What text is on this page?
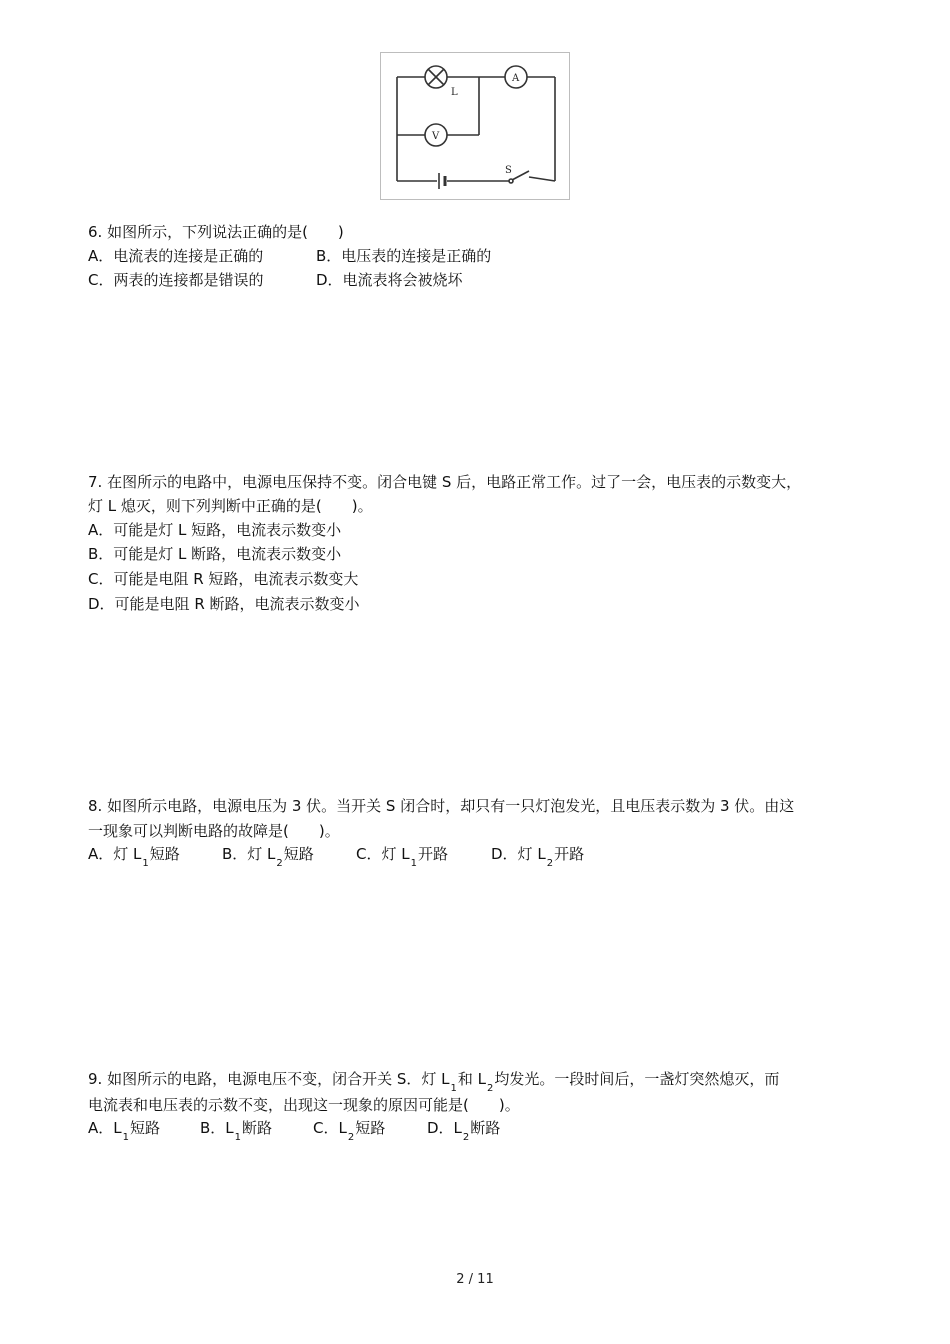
A
V
L
S
6. 如图所示，下列说法正确的是(　　)
A．电流表的连接是正确的	B．电压表的连接是正确的
C．两表的连接都是错误的	D．电流表将会被烧坏
7. 在图所示的电路中，电源电压保持不变。闭合电键 S 后，电路正常工作。过了一会，电压表的示数变大，
灯 L 熄灭，则下列判断中正确的是(　　)。
A．可能是灯 L 短路，电流表示数变小
B．可能是灯 L 断路，电流表示数变小
C．可能是电阻 R 短路，电流表示数变大
D．可能是电阻 R 断路，电流表示数变小
8. 如图所示电路，电源电压为 3 伏。当开关 S 闭合时，却只有一只灯泡发光，且电压表示数为 3 伏。由这
一现象可以判断电路的故障是(　　)。
A．灯 $L_1$短路	B．灯 $L_2$短路	C．灯 $L_1$开路	D．灯 $L_2$开路
9. 如图所示的电路，电源电压不变，闭合开关 S．灯 $L_1$和 $L_2$均发光。一段时间后，一盏灯突然熄灭，而
电流表和电压表的示数不变，出现这一现象的原因可能是(　　)。
A．$L_1$短路	B．$L_1$断路	C．$L_2$短路	D．$L_2$断路
2 / 11
